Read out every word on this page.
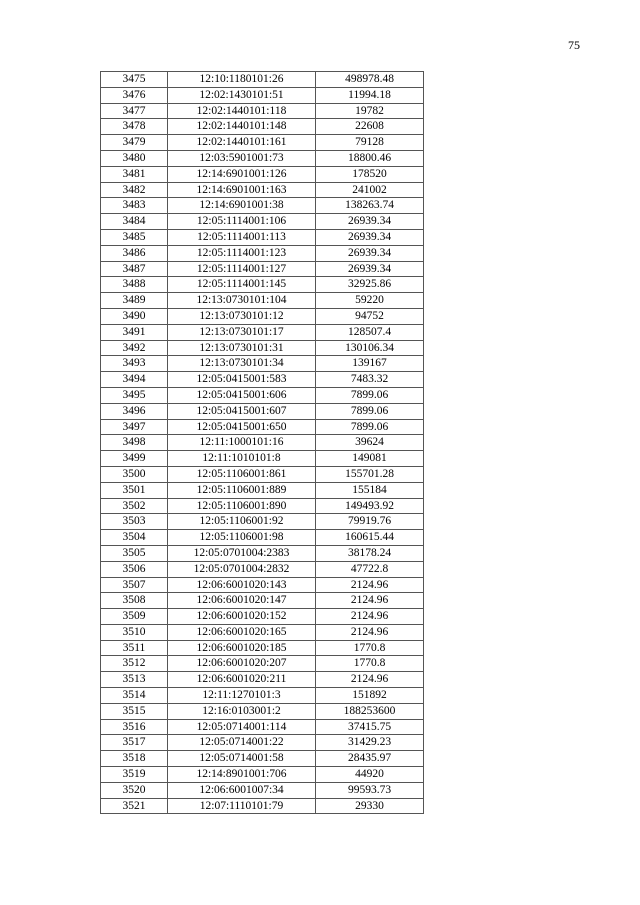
75
3475	12:10:1180101:26	498978.48
3476	12:02:1430101:51	11994.18
3477	12:02:1440101:118	19782
3478	12:02:1440101:148	22608
3479	12:02:1440101:161	79128
3480	12:03:5901001:73	18800.46
3481	12:14:6901001:126	178520
3482	12:14:6901001:163	241002
3483	12:14:6901001:38	138263.74
3484	12:05:1114001:106	26939.34
3485	12:05:1114001:113	26939.34
3486	12:05:1114001:123	26939.34
3487	12:05:1114001:127	26939.34
3488	12:05:1114001:145	32925.86
3489	12:13:0730101:104	59220
3490	12:13:0730101:12	94752
3491	12:13:0730101:17	128507.4
3492	12:13:0730101:31	130106.34
3493	12:13:0730101:34	139167
3494	12:05:0415001:583	7483.32
3495	12:05:0415001:606	7899.06
3496	12:05:0415001:607	7899.06
3497	12:05:0415001:650	7899.06
3498	12:11:1000101:16	39624
3499	12:11:1010101:8	149081
3500	12:05:1106001:861	155701.28
3501	12:05:1106001:889	155184
3502	12:05:1106001:890	149493.92
3503	12:05:1106001:92	79919.76
3504	12:05:1106001:98	160615.44
3505	12:05:0701004:2383	38178.24
3506	12:05:0701004:2832	47722.8
3507	12:06:6001020:143	2124.96
3508	12:06:6001020:147	2124.96
3509	12:06:6001020:152	2124.96
3510	12:06:6001020:165	2124.96
3511	12:06:6001020:185	1770.8
3512	12:06:6001020:207	1770.8
3513	12:06:6001020:211	2124.96
3514	12:11:1270101:3	151892
3515	12:16:0103001:2	188253600
3516	12:05:0714001:114	37415.75
3517	12:05:0714001:22	31429.23
3518	12:05:0714001:58	28435.97
3519	12:14:8901001:706	44920
3520	12:06:6001007:34	99593.73
3521	12:07:1110101:79	29330
